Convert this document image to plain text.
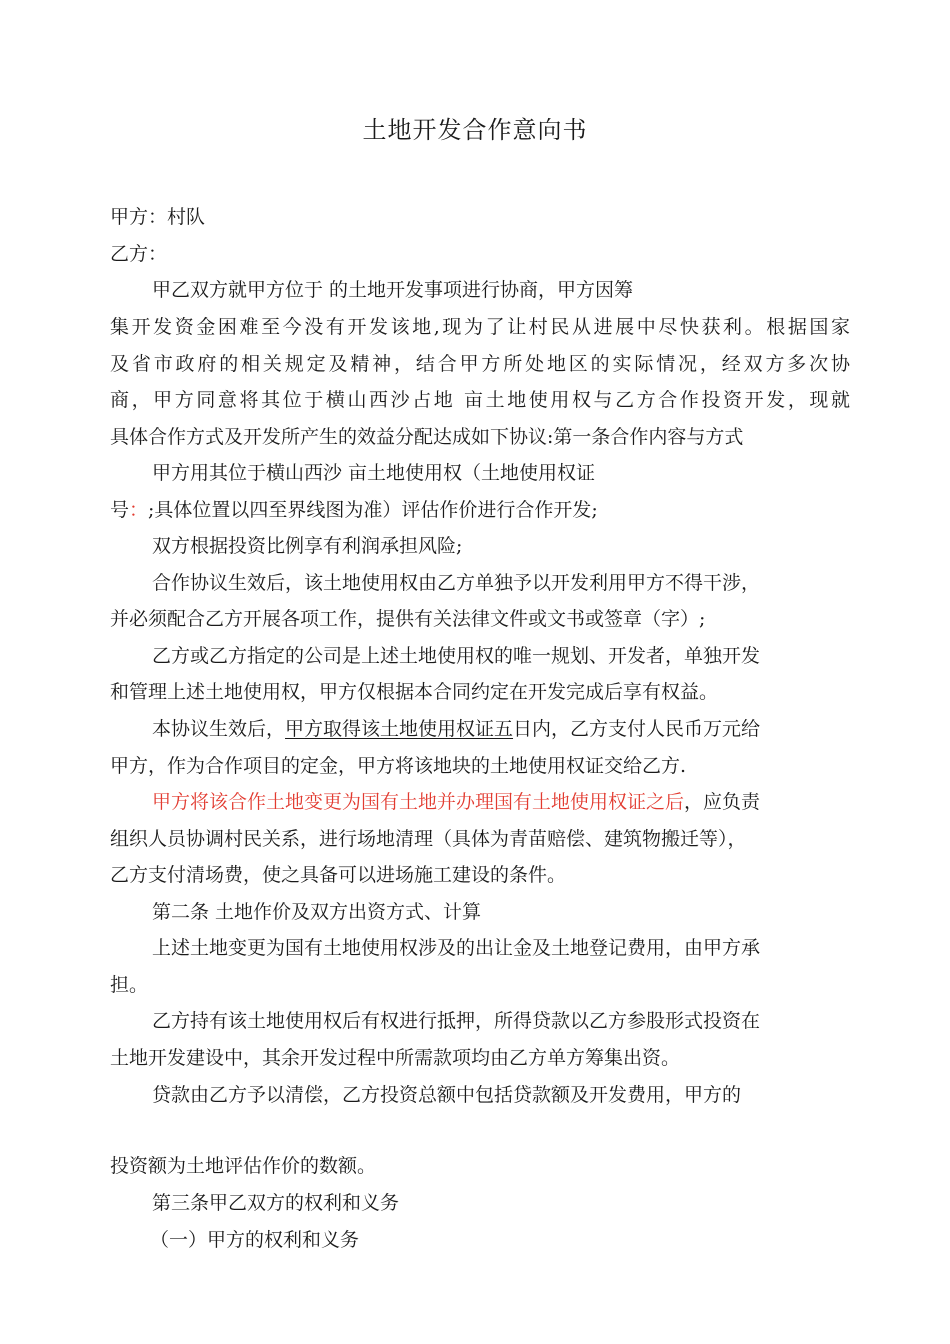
土地开发合作意向书
甲方：村队
乙方：
甲乙双方就甲方位于 的土地开发事项进行协商，甲方因筹
集开发资金困难至今没有开发该地,现为了让村民从进展中尽快获利。根据国家
及省市政府的相关规定及精神，结合甲方所处地区的实际情况，经双方多次协
商，甲方同意将其位于横山西沙占地 亩土地使用权与乙方合作投资开发，现就
具体合作方式及开发所产生的效益分配达成如下协议:第一条合作内容与方式
甲方用其位于横山西沙 亩土地使用权（土地使用权证
号：;具体位置以四至界线图为准）评估作价进行合作开发;
双方根据投资比例享有利润承担风险;
合作协议生效后，该土地使用权由乙方单独予以开发利用甲方不得干涉，
并必须配合乙方开展各项工作，提供有关法律文件或文书或签章（字）;
乙方或乙方指定的公司是上述土地使用权的唯一规划、开发者，单独开发
和管理上述土地使用权，甲方仅根据本合同约定在开发完成后享有权益。
本协议生效后，甲方取得该土地使用权证五日内，乙方支付人民币万元给
甲方，作为合作项目的定金，甲方将该地块的土地使用权证交给乙方.
甲方将该合作土地变更为国有土地并办理国有土地使用权证之后，应负责
组织人员协调村民关系，进行场地清理（具体为青苗赔偿、建筑物搬迁等），
乙方支付清场费，使之具备可以进场施工建设的条件。
第二条 土地作价及双方出资方式、计算
上述土地变更为国有土地使用权涉及的出让金及土地登记费用，由甲方承
担。
乙方持有该土地使用权后有权进行抵押，所得贷款以乙方参股形式投资在
土地开发建设中，其余开发过程中所需款项均由乙方单方筹集出资。
贷款由乙方予以清偿，乙方投资总额中包括贷款额及开发费用，甲方的
投资额为土地评估作价的数额。
第三条甲乙双方的权利和义务
（一）甲方的权利和义务
